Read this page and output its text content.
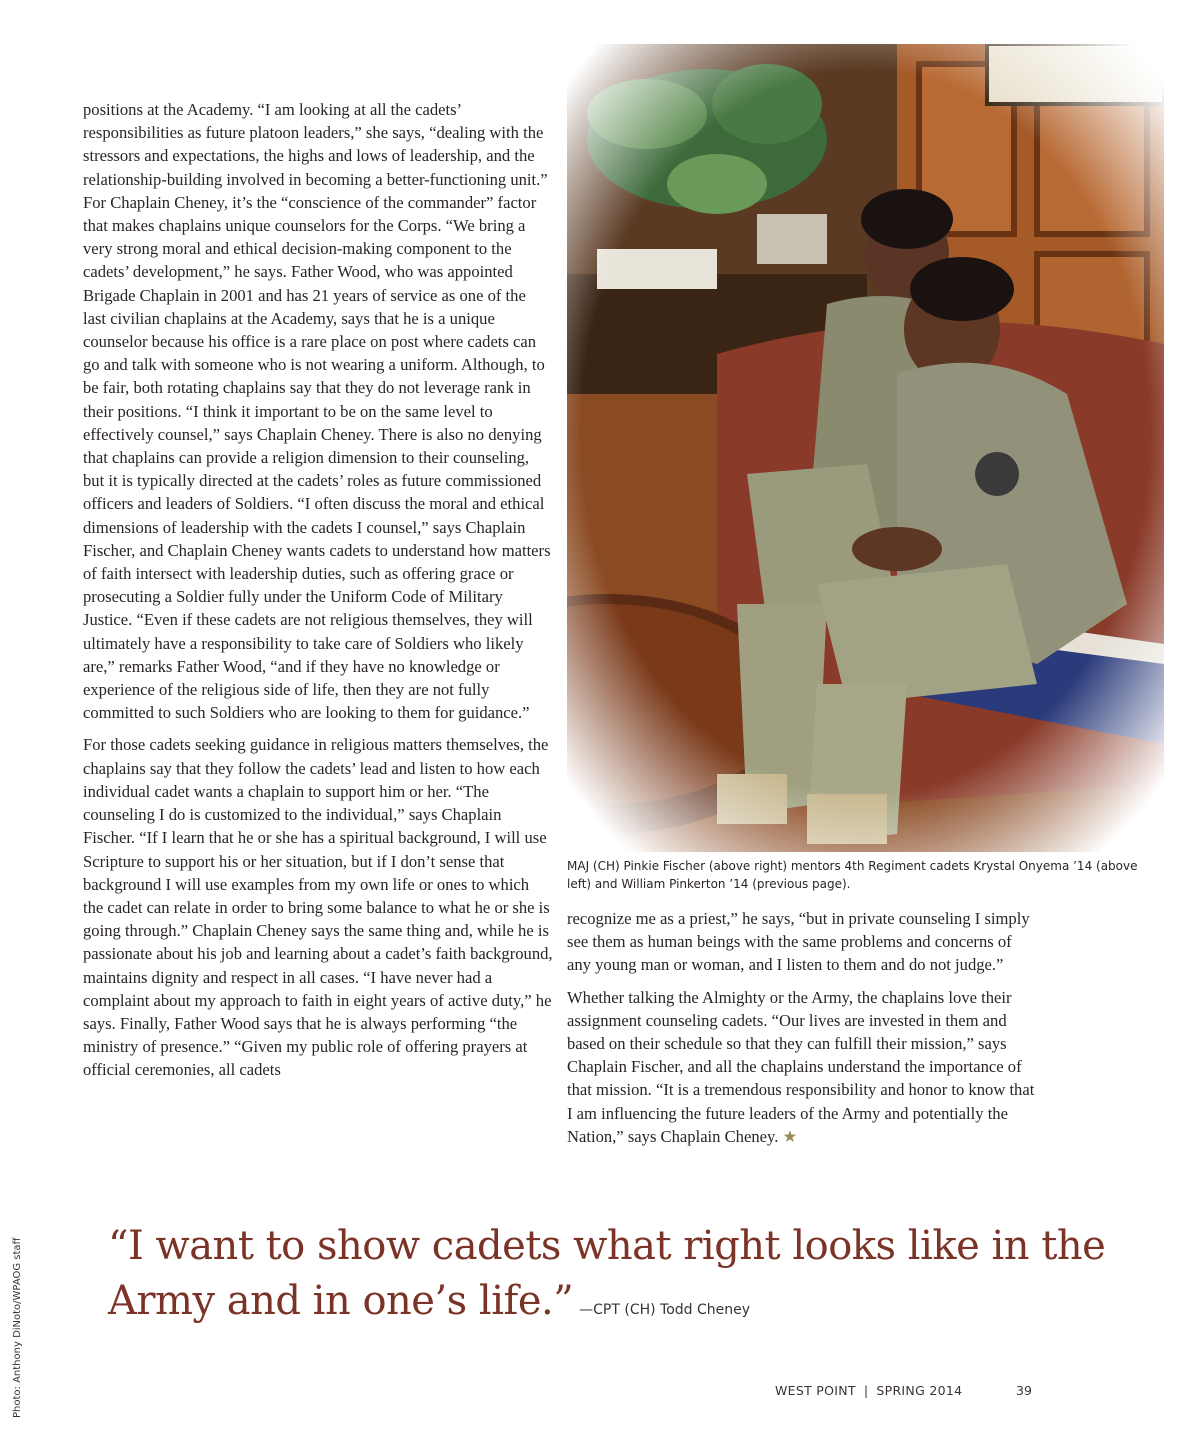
positions at the Academy. “I am looking at all the cadets’ responsibilities as future platoon leaders,” she says, “dealing with the stressors and expectations, the highs and lows of leadership, and the relationship-building involved in becoming a better-functioning unit.” For Chaplain Cheney, it’s the “conscience of the commander” factor that makes chaplains unique counselors for the Corps. “We bring a very strong moral and ethical decision-making component to the cadets’ development,” he says. Father Wood, who was appointed Brigade Chaplain in 2001 and has 21 years of service as one of the last civilian chaplains at the Academy, says that he is a unique counselor because his office is a rare place on post where cadets can go and talk with someone who is not wearing a uniform. Although, to be fair, both rotating chaplains say that they do not leverage rank in their positions. “I think it important to be on the same level to effectively counsel,” says Chaplain Cheney. There is also no denying that chaplains can provide a religion dimension to their counseling, but it is typically directed at the cadets’ roles as future commissioned officers and leaders of Soldiers. “I often discuss the moral and ethical dimensions of leadership with the cadets I counsel,” says Chaplain Fischer, and Chaplain Cheney wants cadets to understand how matters of faith intersect with leadership duties, such as offering grace or prosecuting a Soldier fully under the Uniform Code of Military Justice. “Even if these cadets are not religious themselves, they will ultimately have a responsibility to take care of Soldiers who likely are,” remarks Father Wood, “and if they have no knowledge or experience of the religious side of life, then they are not fully committed to such Soldiers who are looking to them for guidance.”

For those cadets seeking guidance in religious matters themselves, the chaplains say that they follow the cadets’ lead and listen to how each individual cadet wants a chaplain to support him or her. “The counseling I do is customized to the individual,” says Chaplain Fischer. “If I learn that he or she has a spiritual background, I will use Scripture to support his or her situation, but if I don’t sense that background I will use examples from my own life or ones to which the cadet can relate in order to bring some balance to what he or she is going through.” Chaplain Cheney says the same thing and, while he is passionate about his job and learning about a cadet’s faith background, maintains dignity and respect in all cases. “I have never had a complaint about my approach to faith in eight years of active duty,” he says. Finally, Father Wood says that he is always performing “the ministry of presence.” “Given my public role of offering prayers at official ceremonies, all cadets

MAJ (CH) Pinkie Fischer (above right) mentors 4th Regiment cadets Krystal Onyema ’14 (above left) and William Pinkerton ’14 (previous page).

recognize me as a priest,” he says, “but in private counseling I simply see them as human beings with the same problems and concerns of any young man or woman, and I listen to them and do not judge.”

Whether talking the Almighty or the Army, the chaplains love their assignment counseling cadets. “Our lives are invested in them and based on their schedule so that they can fulfill their mission,” says Chaplain Fischer, and all the chaplains understand the importance of that mission. “It is a tremendous responsibility and honor to know that I am influencing the future leaders of the Army and potentially the Nation,” says Chaplain Cheney. ★

“I want to show cadets what right looks like in the Army and in one’s life.” —CPT (CH) Todd Cheney
Photo: Anthony DiNoto/WPAOG staff	WEST POINT | SPRING 2014	39
